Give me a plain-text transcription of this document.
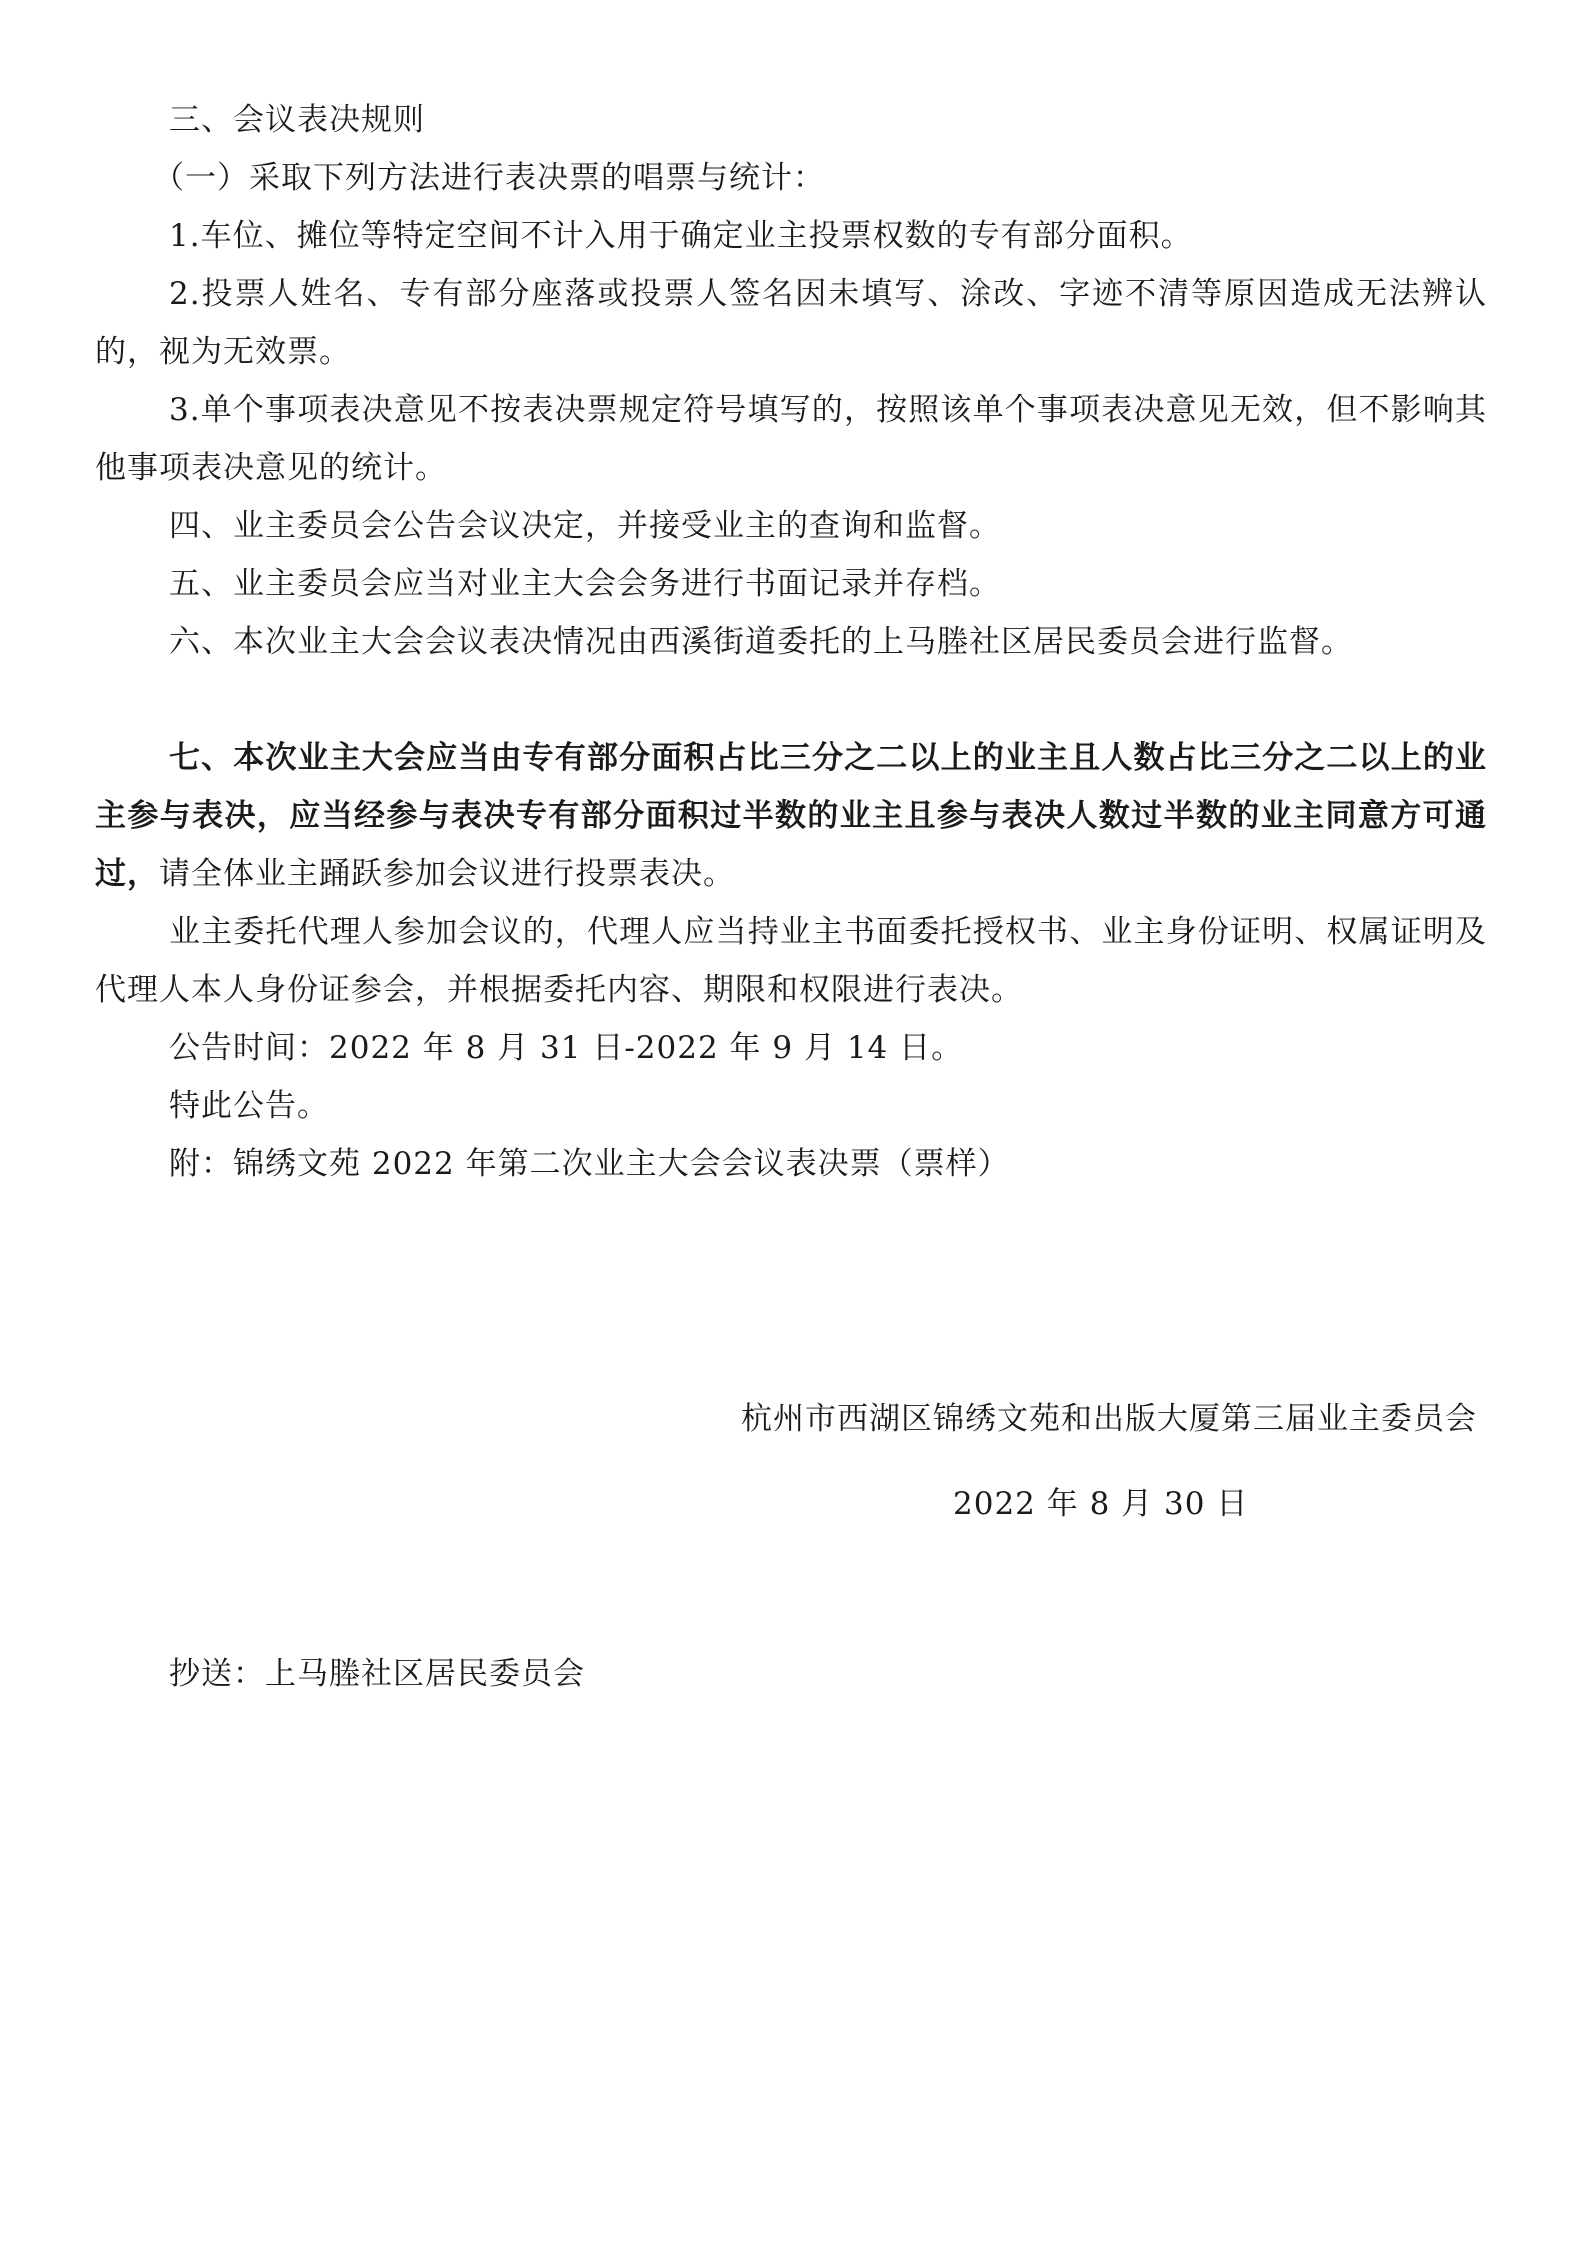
三、会议表决规则

（一）采取下列方法进行表决票的唱票与统计：

1.车位、摊位等特定空间不计入用于确定业主投票权数的专有部分面积。

2.投票人姓名、专有部分座落或投票人签名因未填写、涂改、字迹不清等原因造成无法辨认的，视为无效票。

3.单个事项表决意见不按表决票规定符号填写的，按照该单个事项表决意见无效，但不影响其他事项表决意见的统计。

四、业主委员会公告会议决定，并接受业主的查询和监督。

五、业主委员会应当对业主大会会务进行书面记录并存档。

六、本次业主大会会议表决情况由西溪街道委托的上马塍社区居民委员会进行监督。

七、本次业主大会应当由专有部分面积占比三分之二以上的业主且人数占比三分之二以上的业主参与表决，应当经参与表决专有部分面积过半数的业主且参与表决人数过半数的业主同意方可通过，请全体业主踊跃参加会议进行投票表决。

业主委托代理人参加会议的，代理人应当持业主书面委托授权书、业主身份证明、权属证明及代理人本人身份证参会，并根据委托内容、期限和权限进行表决。

公告时间：2022 年 8 月 31 日-2022 年 9 月 14 日。

特此公告。

附：锦绣文苑 2022 年第二次业主大会会议表决票（票样）

杭州市西湖区锦绣文苑和出版大厦第三届业主委员会
2022 年 8 月 30 日
抄送：上马塍社区居民委员会
